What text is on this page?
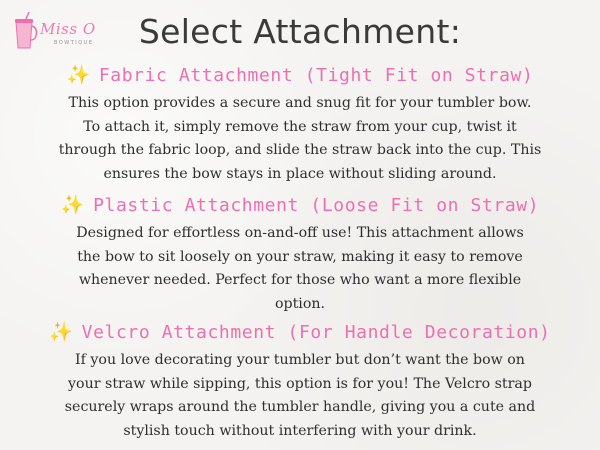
Miss O
BOWTIQUE	Select Attachment:
✨ Fabric Attachment (Tight Fit on Straw)
This option provides a secure and snug fit for your tumbler bow.
To attach it, simply remove the straw from your cup, twist it
through the fabric loop, and slide the straw back into the cup. This
ensures the bow stays in place without sliding around.
✨ Plastic Attachment (Loose Fit on Straw)
Designed for effortless on-and-off use! This attachment allows
the bow to sit loosely on your straw, making it easy to remove
whenever needed. Perfect for those who want a more flexible
option.
✨ Velcro Attachment (For Handle Decoration)
If you love decorating your tumbler but don’t want the bow on
your straw while sipping, this option is for you! The Velcro strap
securely wraps around the tumbler handle, giving you a cute and
stylish touch without interfering with your drink.
